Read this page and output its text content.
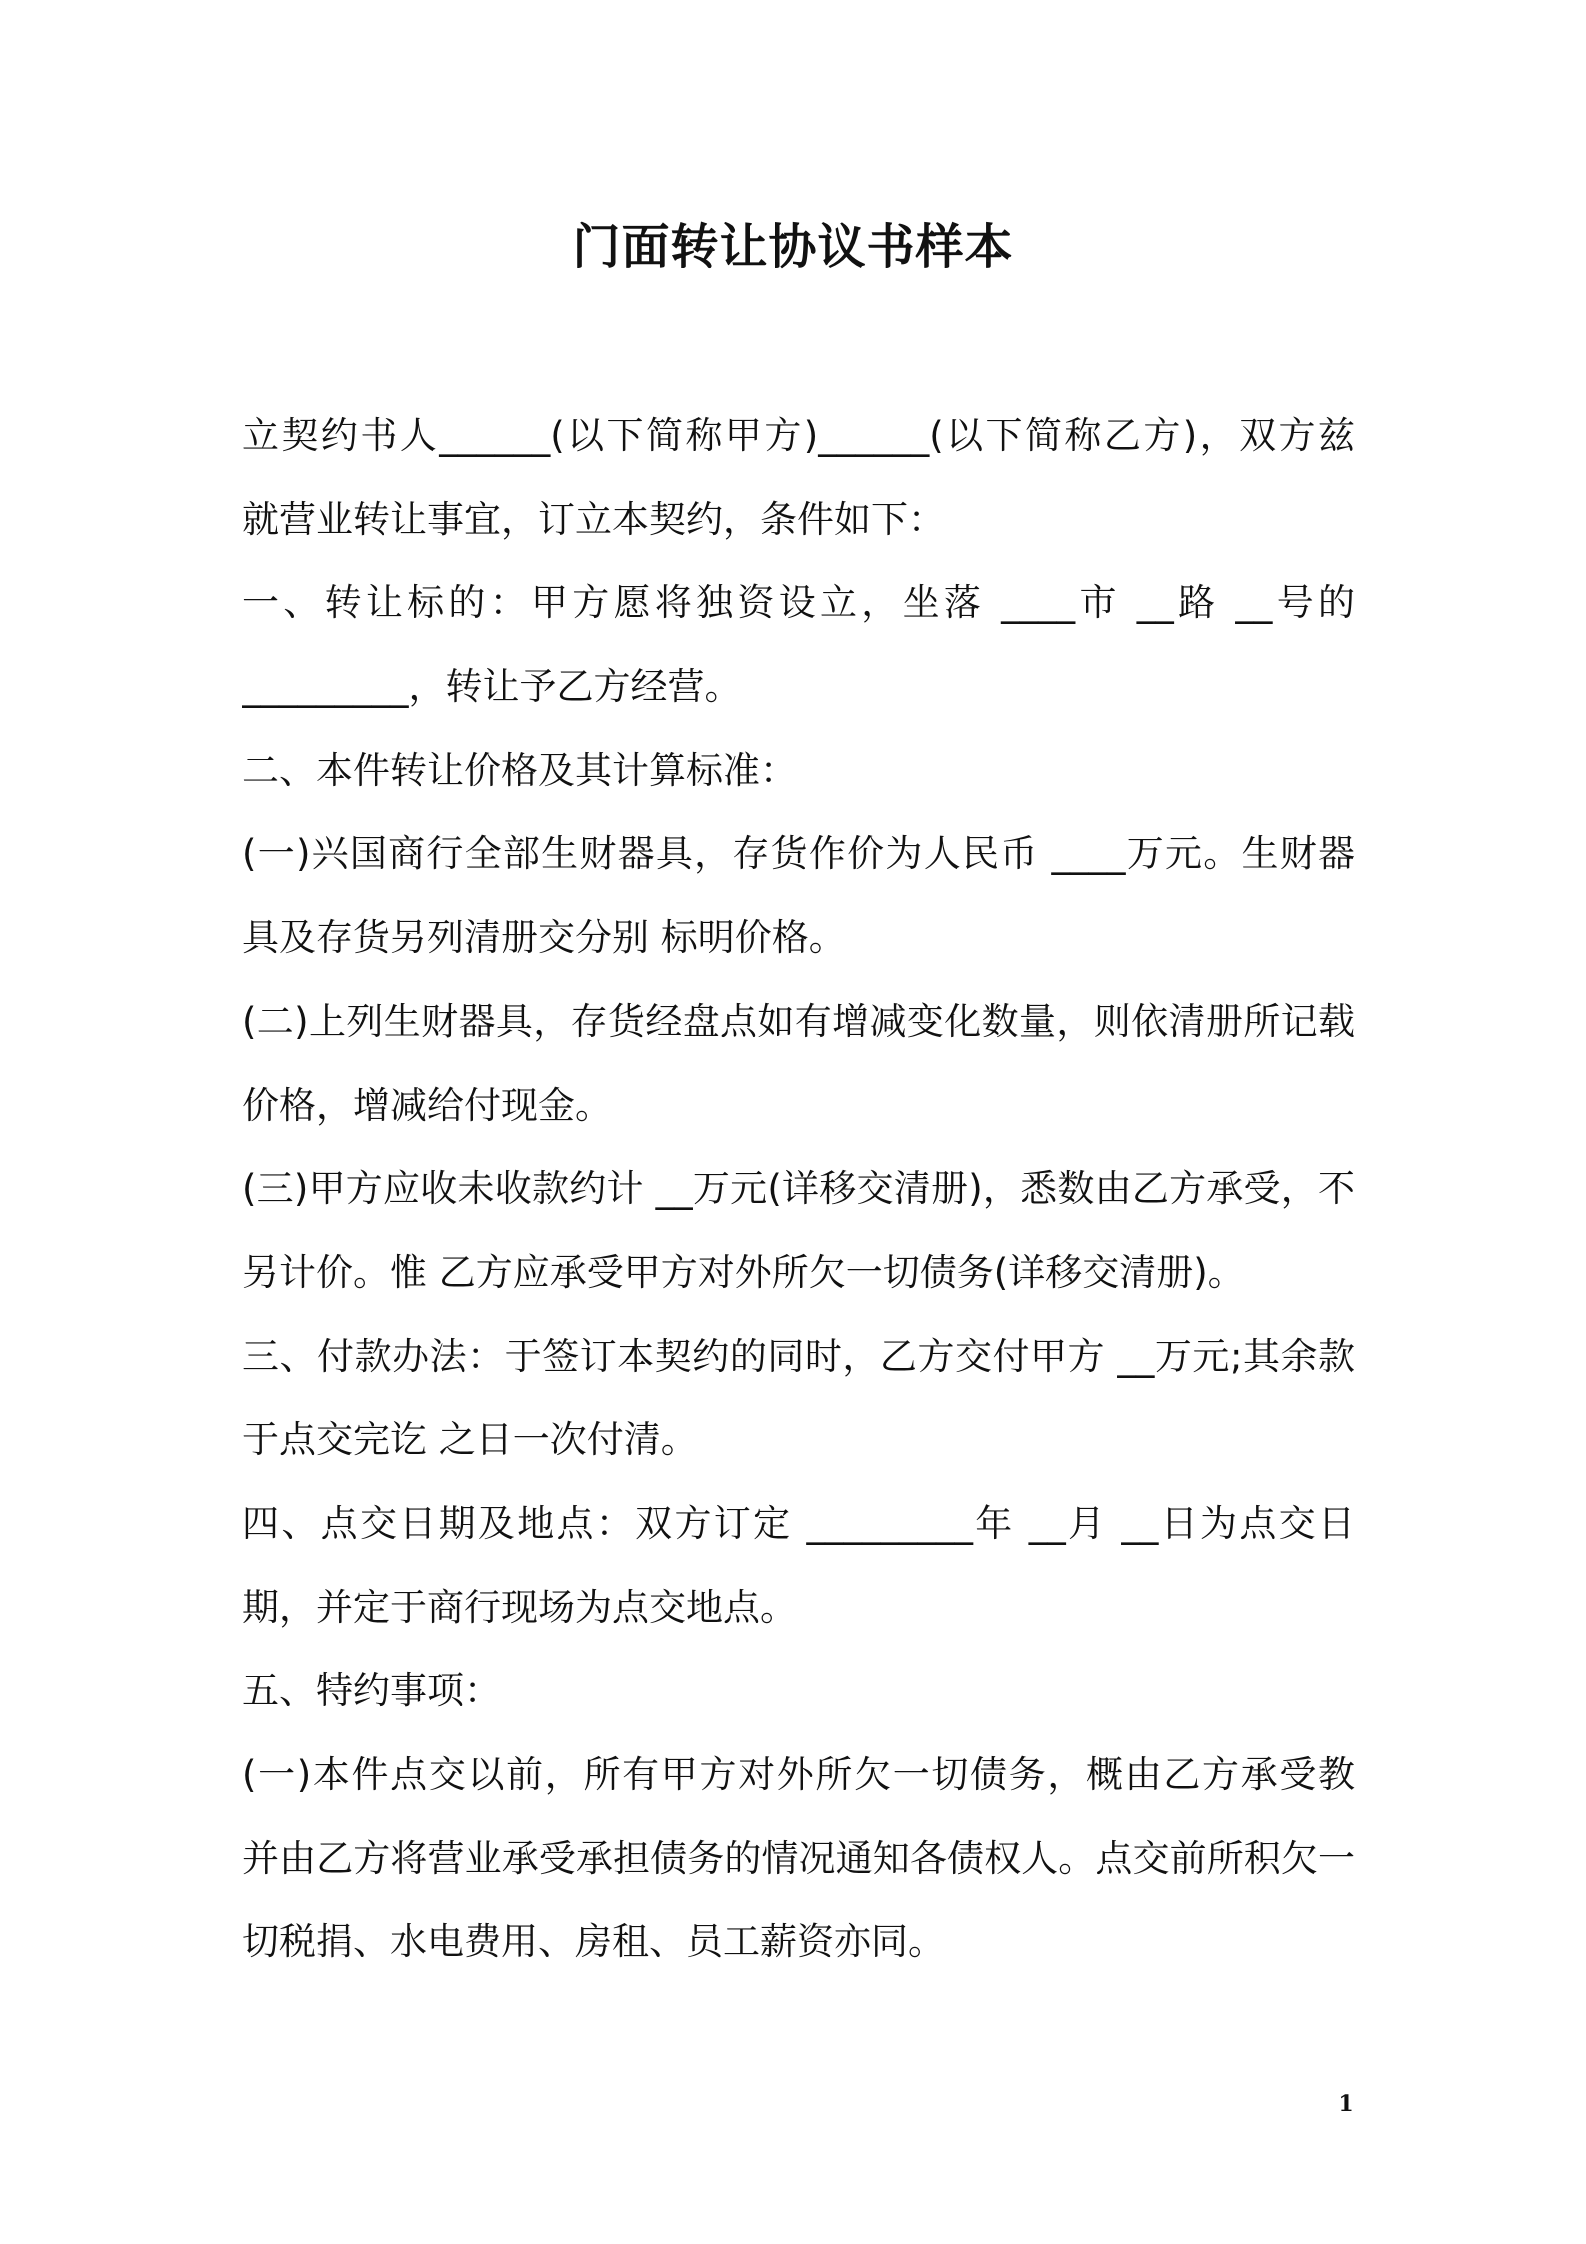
门面转让协议书样本
立契约书人______(以下简称甲方)______(以下简称乙方)，双方兹
就营业转让事宜，订立本契约，条件如下：
一、转让标的：甲方愿将独资设立，坐落 ____市 __路 __号的
_________，转让予乙方经营。
二、本件转让价格及其计算标准：
(一)兴国商行全部生财器具，存货作价为人民币 ____万元。生财器
具及存货另列清册交分别 标明价格。
(二)上列生财器具，存货经盘点如有增减变化数量，则依清册所记载
价格，增减给付现金。
(三)甲方应收未收款约计 __万元(详移交清册)，悉数由乙方承受，不
另计价。惟 乙方应承受甲方对外所欠一切债务(详移交清册)。
三、付款办法：于签订本契约的同时，乙方交付甲方 __万元;其余款
于点交完讫 之日一次付清。
四、点交日期及地点：双方订定 _________年 __月 __日为点交日
期，并定于商行现场为点交地点。
五、特约事项：
(一)本件点交以前，所有甲方对外所欠一切债务，概由乙方承受教
并由乙方将营业承受承担债务的情况通知各债权人。点交前所积欠一
切税捐、水电费用、房租、员工薪资亦同。
1
